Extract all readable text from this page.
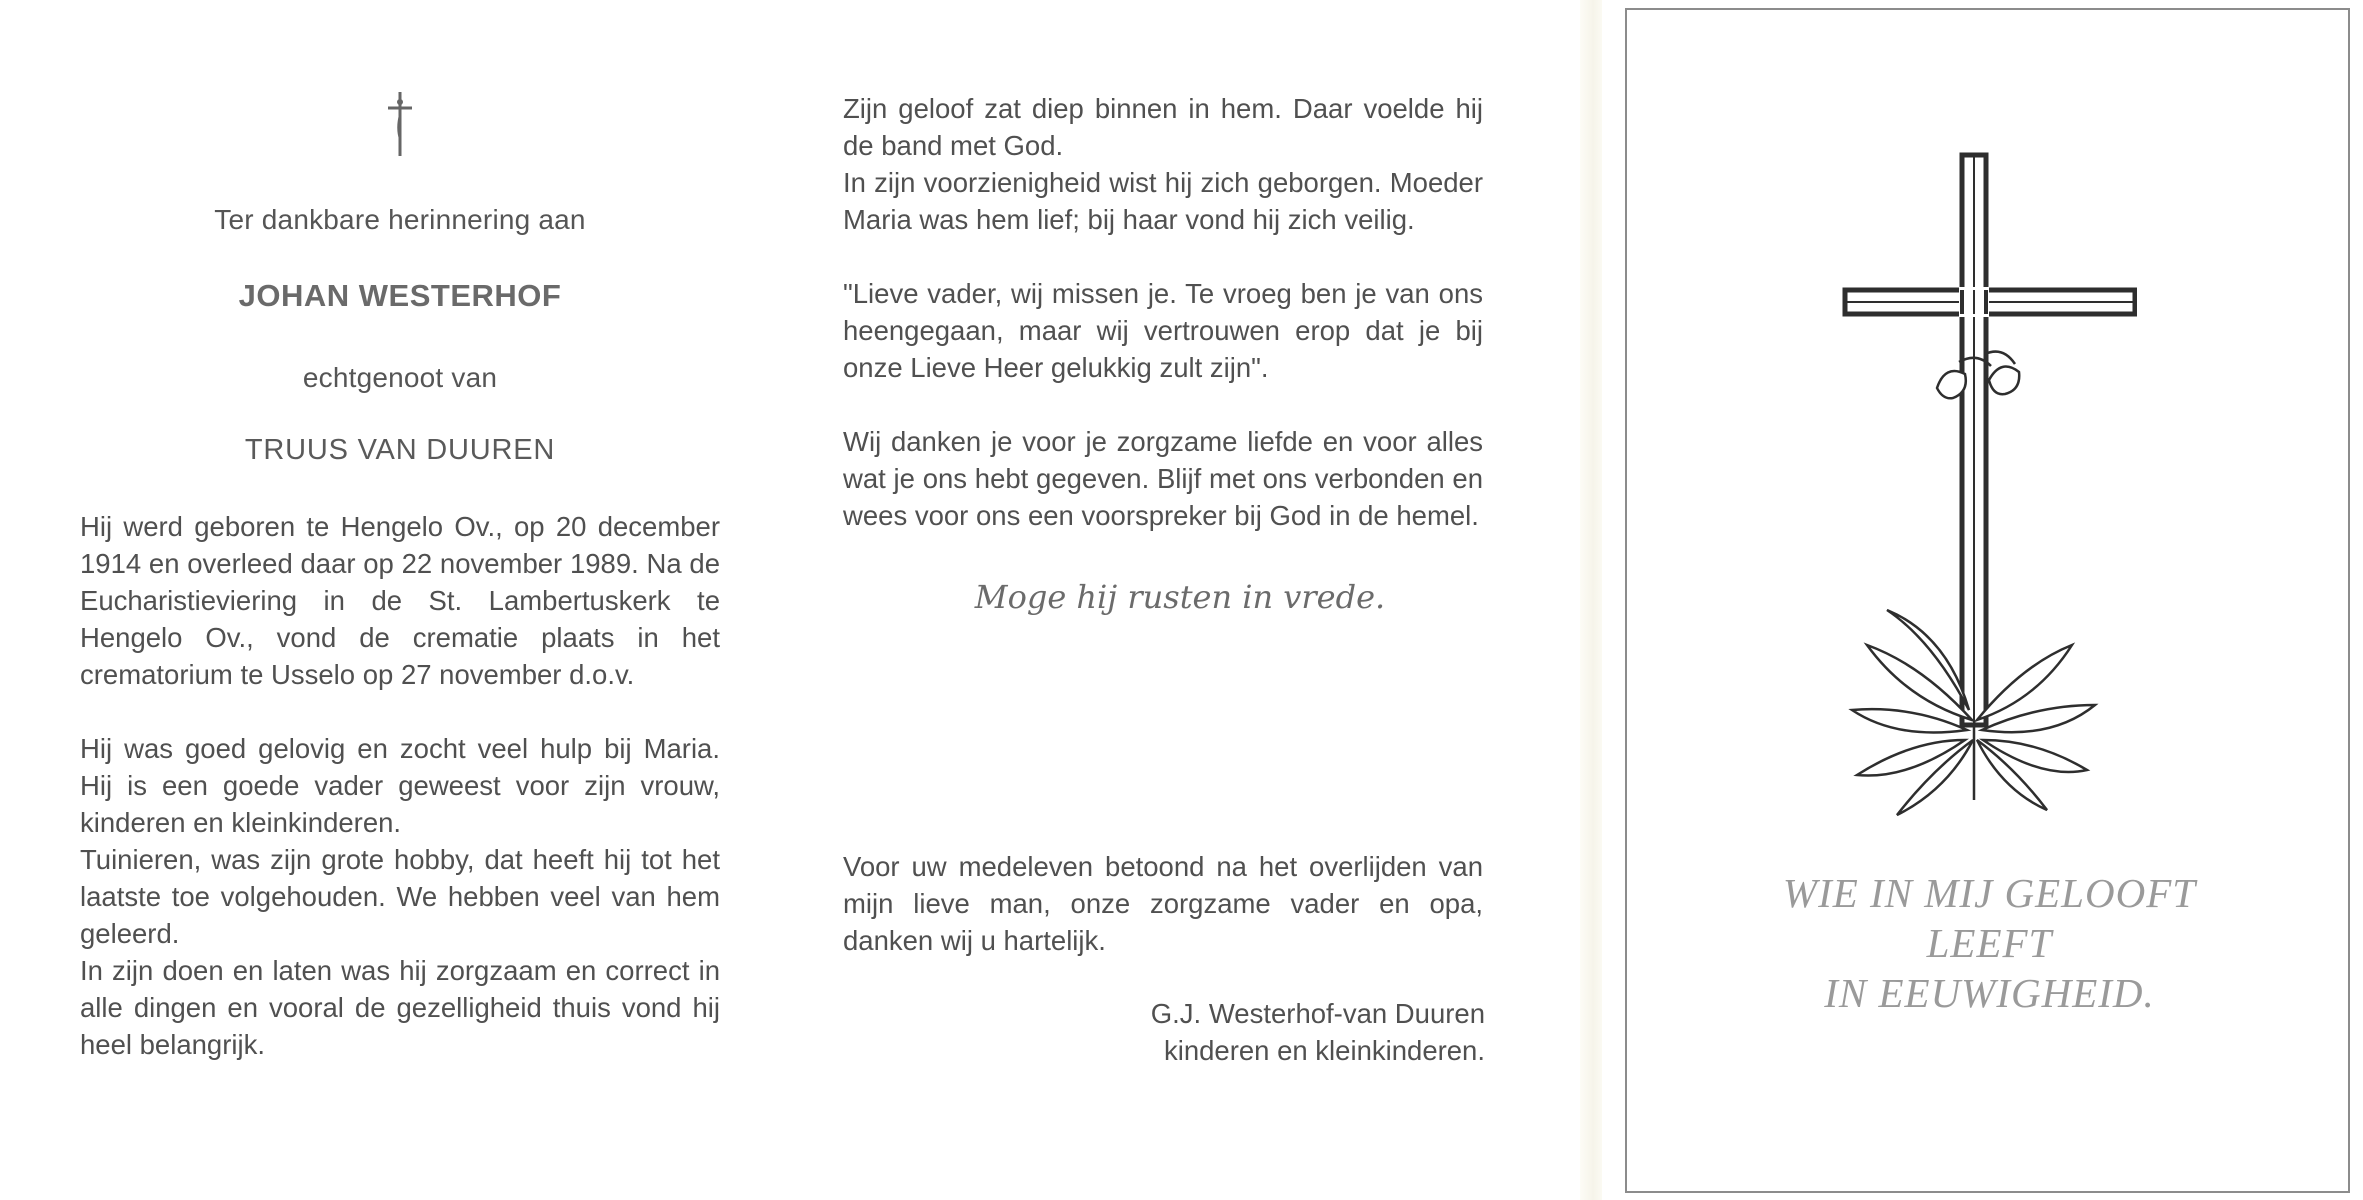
Ter dankbare herinnering aan
JOHAN WESTERHOF
echtgenoot van
TRUUS VAN DUUREN

Hij werd geboren te Hengelo Ov., op 20 december 1914 en overleed daar op 22 november 1989. Na de Eucharistieviering in de St. Lambertuskerk te Hengelo Ov., vond de crematie plaats in het crematorium te Usselo op 27 november d.o.v.

Hij was goed gelovig en zocht veel hulp bij Maria. Hij is een goede vader geweest voor zijn vrouw, kinderen en kleinkinderen.

Tuinieren, was zijn grote hobby, dat heeft hij tot het laatste toe volgehouden. We hebben veel van hem geleerd.

In zijn doen en laten was hij zorgzaam en correct in alle dingen en vooral de gezelligheid thuis vond hij heel belangrijk.

Zijn geloof zat diep binnen in hem. Daar voelde hij de band met God.

In zijn voorzienigheid wist hij zich geborgen. Moeder Maria was hem lief; bij haar vond hij zich veilig.

"Lieve vader, wij missen je. Te vroeg ben je van ons heengegaan, maar wij vertrouwen erop dat je bij onze Lieve Heer gelukkig zult zijn".

Wij danken je voor je zorgzame liefde en voor alles wat je ons hebt gegeven. Blijf met ons verbonden en wees voor ons een voorspreker bij God in de hemel.

Moge hij rusten in vrede.
Voor uw medeleven betoond na het overlijden van mijn lieve man, onze zorgzame vader en opa, danken wij u hartelijk.
G.J. Westerhof-van Duuren
kinderen en kleinkinderen.
WIE IN MIJ GELOOFT
LEEFT
IN EEUWIGHEID.
